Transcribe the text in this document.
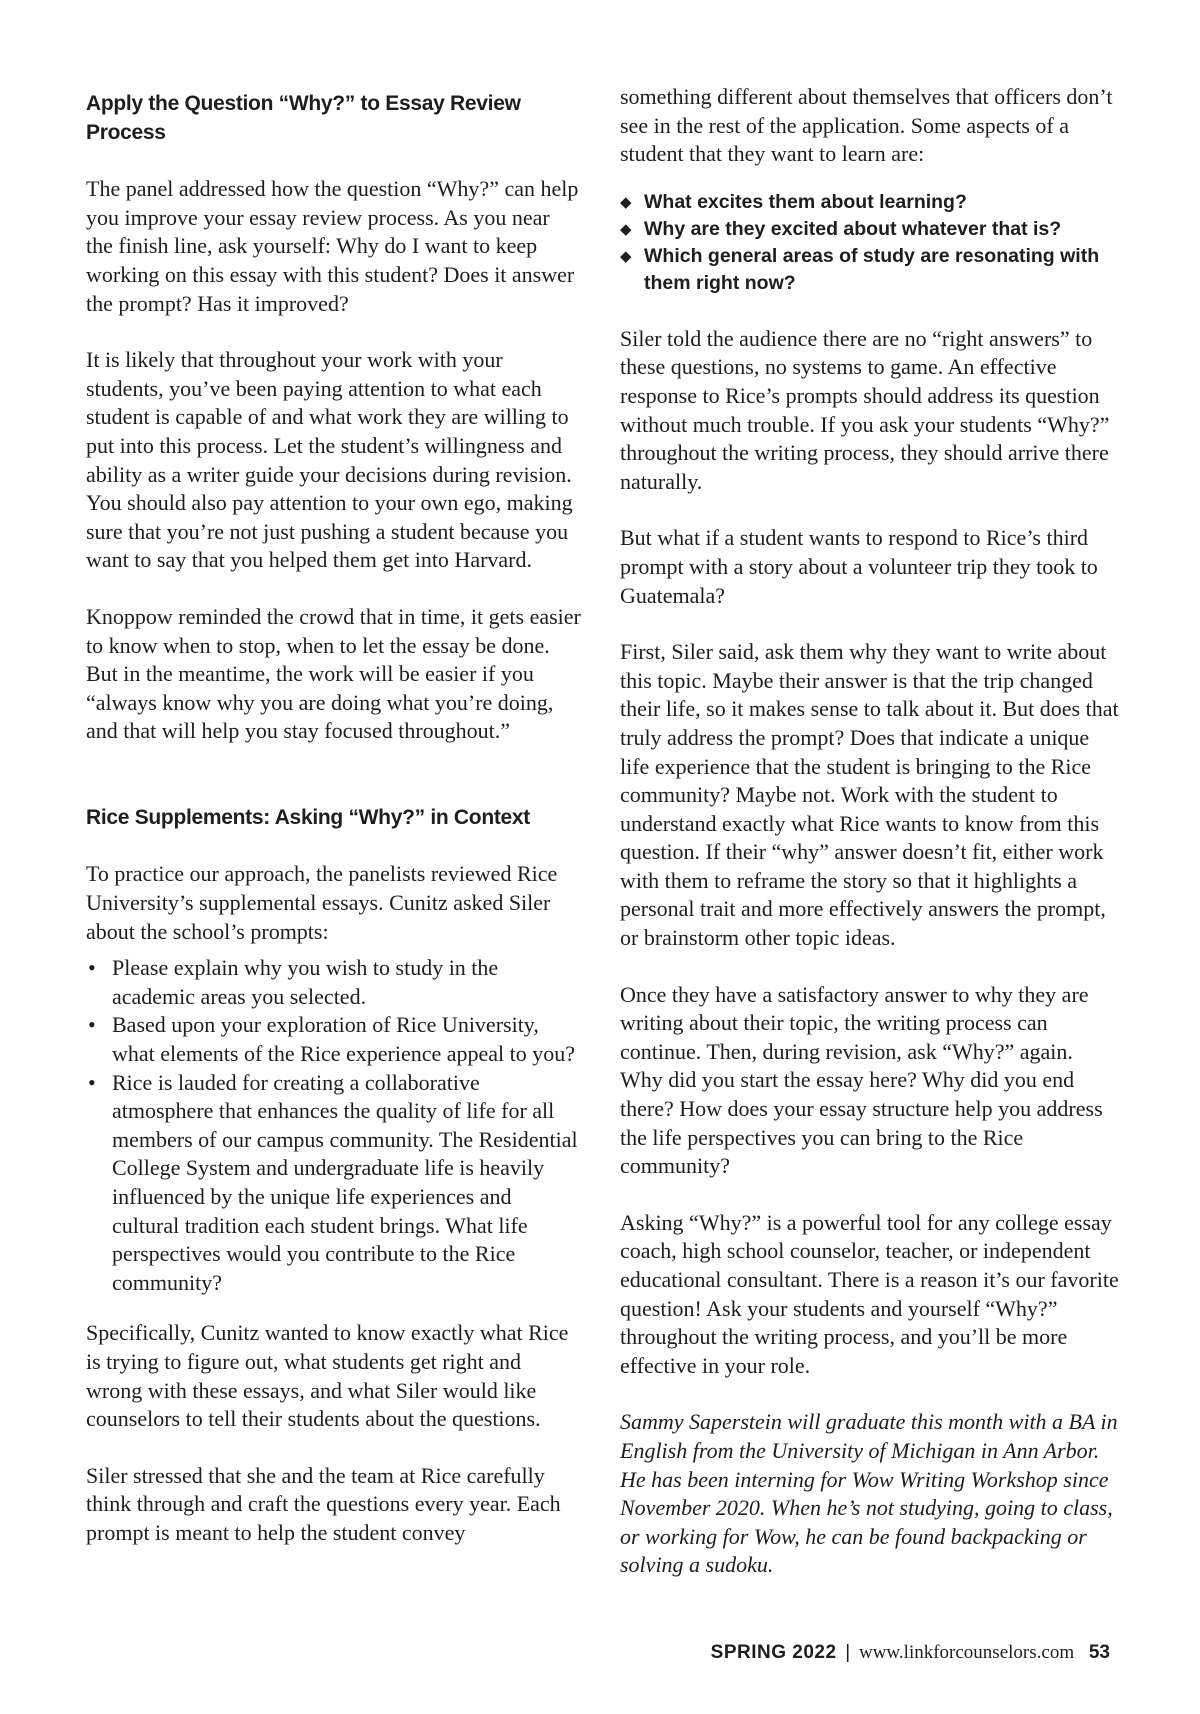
Apply the Question “Why?” to Essay Review Process

The panel addressed how the question “Why?” can help you improve your essay review process. As you near the finish line, ask yourself: Why do I want to keep working on this essay with this student? Does it answer the prompt? Has it improved?

It is likely that throughout your work with your students, you’ve been paying attention to what each student is capable of and what work they are willing to put into this process. Let the student’s willingness and ability as a writer guide your decisions during revision. You should also pay attention to your own ego, making sure that you’re not just pushing a student because you want to say that you helped them get into Harvard.

Knoppow reminded the crowd that in time, it gets easier to know when to stop, when to let the essay be done. But in the meantime, the work will be easier if you “always know why you are doing what you’re doing, and that will help you stay focused throughout.”

Rice Supplements: Asking “Why?” in Context

To practice our approach, the panelists reviewed Rice University’s supplemental essays. Cunitz asked Siler about the school’s prompts:

• Please explain why you wish to study in the academic areas you selected.
• Based upon your exploration of Rice University, what elements of the Rice experience appeal to you?
• Rice is lauded for creating a collaborative atmosphere that enhances the quality of life for all members of our campus community. The Residential College System and undergraduate life is heavily influenced by the unique life experiences and cultural tradition each student brings. What life perspectives would you contribute to the Rice community?

Specifically, Cunitz wanted to know exactly what Rice is trying to figure out, what students get right and wrong with these essays, and what Siler would like counselors to tell their students about the questions.

Siler stressed that she and the team at Rice carefully think through and craft the questions every year. Each prompt is meant to help the student convey

something different about themselves that officers don’t see in the rest of the application. Some aspects of a student that they want to learn are:

◆ What excites them about learning?
◆ Why are they excited about whatever that is?
◆ Which general areas of study are resonating with them right now?

Siler told the audience there are no “right answers” to these questions, no systems to game. An effective response to Rice’s prompts should address its question without much trouble. If you ask your students “Why?” throughout the writing process, they should arrive there naturally.

But what if a student wants to respond to Rice’s third prompt with a story about a volunteer trip they took to Guatemala?

First, Siler said, ask them why they want to write about this topic. Maybe their answer is that the trip changed their life, so it makes sense to talk about it. But does that truly address the prompt? Does that indicate a unique life experience that the student is bringing to the Rice community? Maybe not. Work with the student to understand exactly what Rice wants to know from this question. If their “why” answer doesn’t fit, either work with them to reframe the story so that it highlights a personal trait and more effectively answers the prompt, or brainstorm other topic ideas.

Once they have a satisfactory answer to why they are writing about their topic, the writing process can continue. Then, during revision, ask “Why?” again. Why did you start the essay here? Why did you end there? How does your essay structure help you address the life perspectives you can bring to the Rice community?

Asking “Why?” is a powerful tool for any college essay coach, high school counselor, teacher, or independent educational consultant. There is a reason it’s our favorite question! Ask your students and yourself “Why?” throughout the writing process, and you’ll be more effective in your role.

Sammy Saperstein will graduate this month with a BA in English from the University of Michigan in Ann Arbor. He has been interning for Wow Writing Workshop since November 2020. When he’s not studying, going to class, or working for Wow, he can be found backpacking or solving a sudoku.

SPRING 2022 | www.linkforcounselors.com 53
